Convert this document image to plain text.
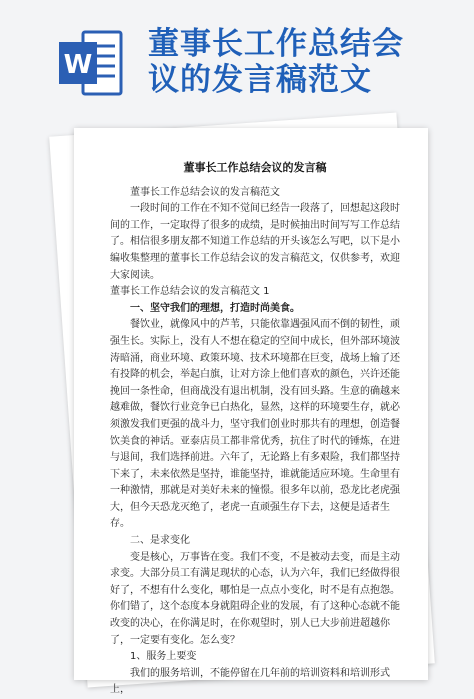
W
董事长工作总结会
议的发言稿范文
董事长工作总结会议的发言稿

董事长工作总结会议的发言稿范文

一段时间的工作在不知不觉间已经告一段落了，回想起这段时间的工作，一定取得了很多的成绩，是时候抽出时间写写工作总结了。相信很多朋友都不知道工作总结的开头该怎么写吧，以下是小编收集整理的董事长工作总结会议的发言稿范文，仅供参考，欢迎大家阅读。

董事长工作总结会议的发言稿范文 1

一、坚守我们的理想，打造时尚美食。

餐饮业，就像风中的芦苇，只能依靠遇强风而不倒的韧性，顽强生长。实际上，没有人不想在稳定的空间中成长，但外部环境波涛暗涌，商业环境、政策环境、技术环境都在巨变，战场上输了还有投降的机会，举起白旗，让对方涂上他们喜欢的颜色，兴许还能挽回一条性命，但商战没有退出机制，没有回头路。生意的确越来越难做，餐饮行业竞争已白热化，显然，这样的环境要生存，就必须激发我们更强的战斗力，坚守我们创业时那共有的理想，创造餐饮美食的神话。亚泰店员工都非常优秀，抗住了时代的锤炼，在进与退间，我们选择前进。六年了，无论路上有多艰险，我们都坚持下来了，未来依然是坚持，谁能坚持，谁就能适应环境。生命里有一种激情，那就是对美好未来的憧憬。很多年以前，恐龙比老虎强大，但今天恐龙灭绝了，老虎一直顽强生存下去，这便是适者生存。

二、是求变化

变是核心，万事皆在变。我们不变，不是被动去变，而是主动求变。大部分员工有满足现状的心态，认为六年，我们已经做得很好了，不想有什么变化，哪怕是一点点小变化，时不是有点抱怨。你们错了，这个态度本身就阻碍企业的发展，有了这种心态就不能改变的决心，在你满足时，在你观望时，别人已大步前进超越你了，一定要有变化。怎么变？

1、服务上要变

我们的服务培训，不能停留在几年前的培训资料和培训形式上，
